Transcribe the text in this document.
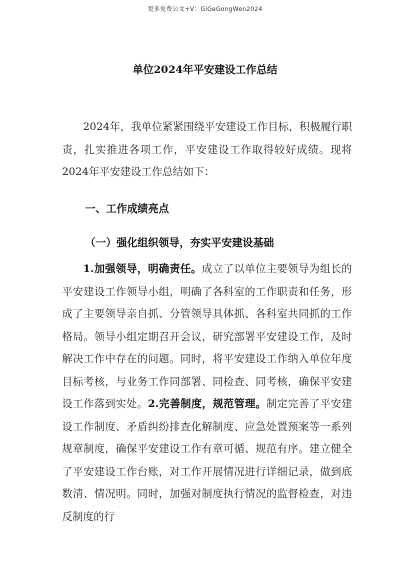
更多免费公文+V：GiGeGongWen2024
单位2024年平安建设工作总结

2024年，我单位紧紧围绕平安建设工作目标，积极履行职责，扎实推进各项工作，平安建设工作取得较好成绩。现将2024年平安建设工作总结如下：

一、工作成绩亮点
（一）强化组织领导，夯实平安建设基础

1.加强领导，明确责任。成立了以单位主要领导为组长的平安建设工作领导小组，明确了各科室的工作职责和任务，形成了主要领导亲自抓、分管领导具体抓、各科室共同抓的工作格局。领导小组定期召开会议，研究部署平安建设工作，及时解决工作中存在的问题。同时，将平安建设工作纳入单位年度目标考核，与业务工作同部署、同检查、同考核，确保平安建设工作落到实处。2.完善制度，规范管理。制定完善了平安建设工作制度、矛盾纠纷排查化解制度、应急处置预案等一系列规章制度，确保平安建设工作有章可循、规范有序。建立健全了平安建设工作台账，对工作开展情况进行详细记录，做到底数清、情况明。同时，加强对制度执行情况的监督检查，对违反制度的行
